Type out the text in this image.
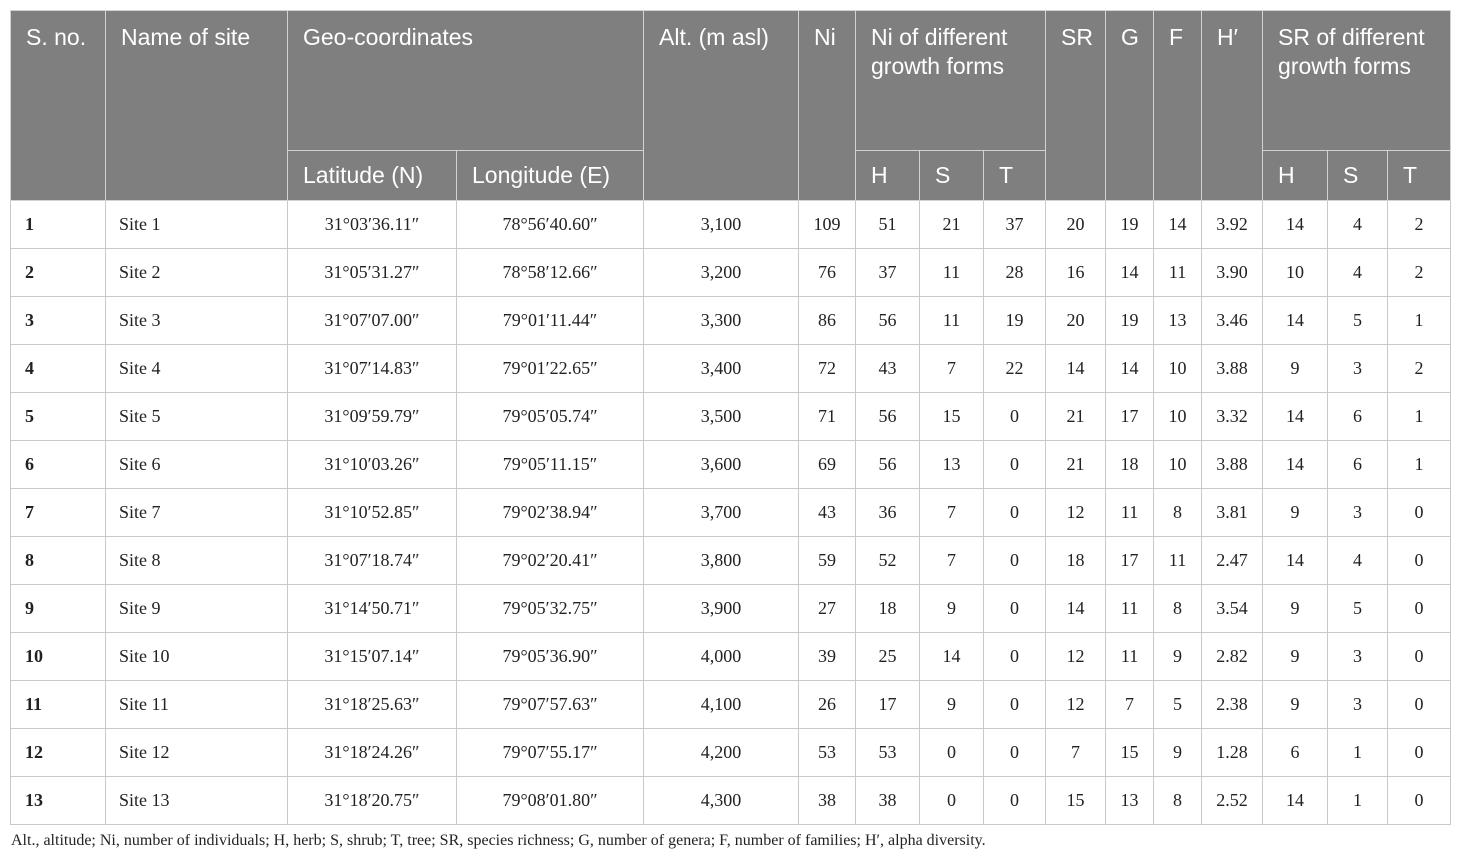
S. no.	Name of site	Geo-coordinates		Alt. (m asl)	Ni	Ni of different growth forms			SR	G	F	H′	SR of different growth forms		
		Latitude (N)	Longitude (E)			H	S	T					H	S	T
1	Site 1	31°03′36.11″	78°56′40.60″	3,100	109	51	21	37	20	19	14	3.92	14	4	2
2	Site 2	31°05′31.27″	78°58′12.66″	3,200	76	37	11	28	16	14	11	3.90	10	4	2
3	Site 3	31°07′07.00″	79°01′11.44″	3,300	86	56	11	19	20	19	13	3.46	14	5	1
4	Site 4	31°07′14.83″	79°01′22.65″	3,400	72	43	7	22	14	14	10	3.88	9	3	2
5	Site 5	31°09′59.79″	79°05′05.74″	3,500	71	56	15	0	21	17	10	3.32	14	6	1
6	Site 6	31°10′03.26″	79°05′11.15″	3,600	69	56	13	0	21	18	10	3.88	14	6	1
7	Site 7	31°10′52.85″	79°02′38.94″	3,700	43	36	7	0	12	11	8	3.81	9	3	0
8	Site 8	31°07′18.74″	79°02′20.41″	3,800	59	52	7	0	18	17	11	2.47	14	4	0
9	Site 9	31°14′50.71″	79°05′32.75″	3,900	27	18	9	0	14	11	8	3.54	9	5	0
10	Site 10	31°15′07.14″	79°05′36.90″	4,000	39	25	14	0	12	11	9	2.82	9	3	0
11	Site 11	31°18′25.63″	79°07′57.63″	4,100	26	17	9	0	12	7	5	2.38	9	3	0
12	Site 12	31°18′24.26″	79°07′55.17″	4,200	53	53	0	0	7	15	9	1.28	6	1	0
13	Site 13	31°18′20.75″	79°08′01.80″	4,300	38	38	0	0	15	13	8	2.52	14	1	0
Alt., altitude; Ni, number of individuals; H, herb; S, shrub; T, tree; SR, species richness; G, number of genera; F, number of families; H′, alpha diversity.
